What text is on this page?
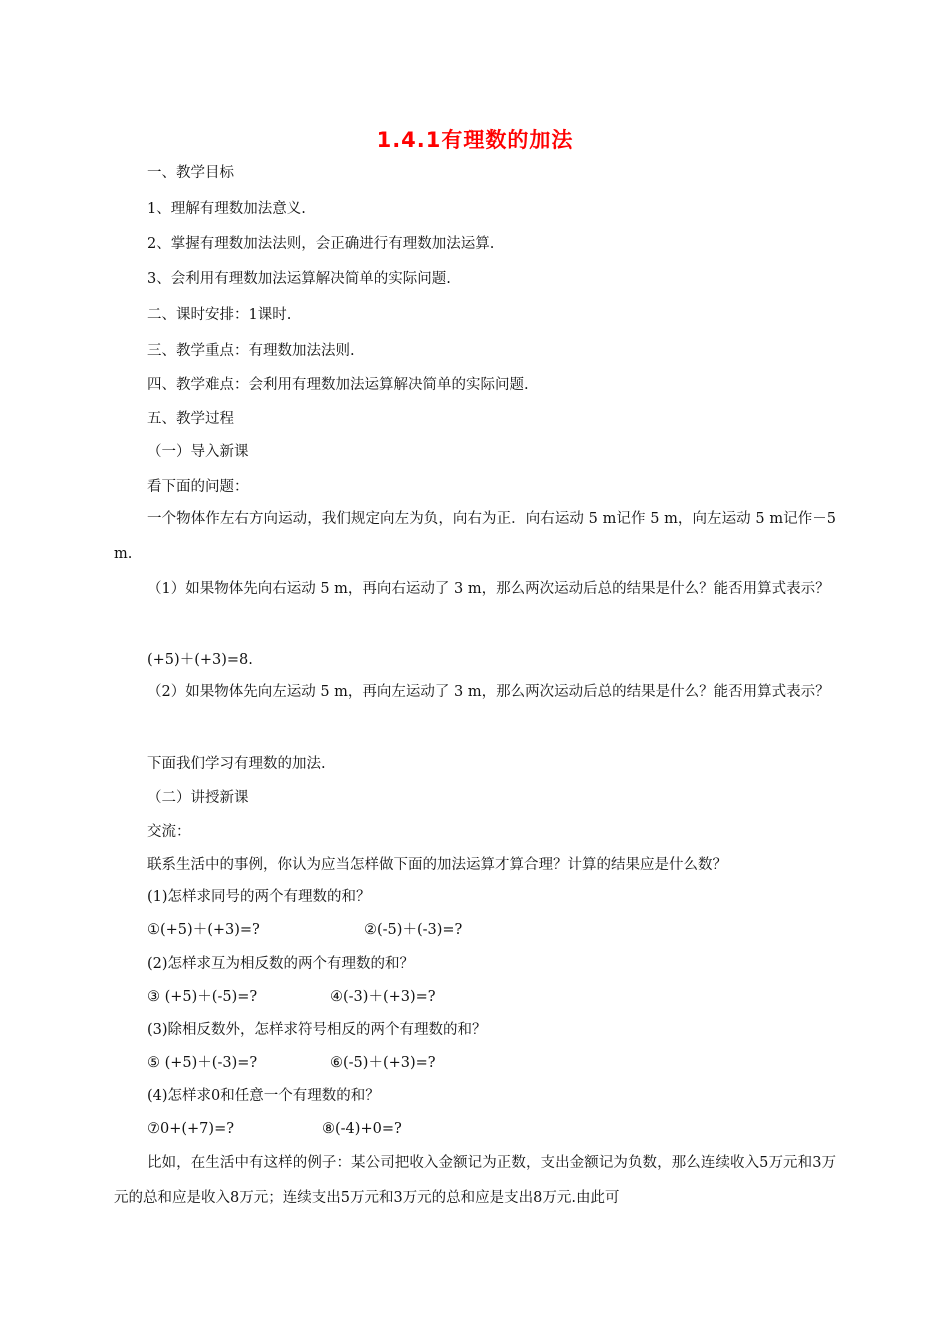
1.4.1有理数的加法
一、教学目标
1、理解有理数加法意义.
2、掌握有理数加法法则，会正确进行有理数加法运算.
3、会利用有理数加法运算解决简单的实际问题.
二、课时安排：1课时.
三、教学重点：有理数加法法则.
四、教学难点：会利用有理数加法运算解决简单的实际问题.
五、教学过程
（一）导入新课
看下面的问题：
一个物体作左右方向运动，我们规定向左为负，向右为正．向右运动 5 m记作 5 m，向左运动 5 m记作－5 m.
（1）如果物体先向右运动 5 m，再向右运动了 3 m，那么两次运动后总的结果是什么？能否用算式表示？
(+5)＋(+3)=8.
（2）如果物体先向左运动 5 m，再向左运动了 3 m，那么两次运动后总的结果是什么？能否用算式表示？
下面我们学习有理数的加法.
（二）讲授新课
交流：
联系生活中的事例，你认为应当怎样做下面的加法运算才算合理？计算的结果应是什么数？
(1)怎样求同号的两个有理数的和？
①(+5)＋(+3)=?	②(-5)＋(-3)=?
(2)怎样求互为相反数的两个有理数的和？
③ (+5)＋(-5)=?	④(-3)＋(+3)=?
(3)除相反数外，怎样求符号相反的两个有理数的和？
⑤ (+5)＋(-3)=?	⑥(-5)＋(+3)=?
(4)怎样求0和任意一个有理数的和？
⑦0+(+7)=?	⑧(-4)+0=?
比如，在生活中有这样的例子：某公司把收入金额记为正数，支出金额记为负数，那么连续收入5万元和3万元的总和应是收入8万元；连续支出5万元和3万元的总和应是支出8万元.由此可
